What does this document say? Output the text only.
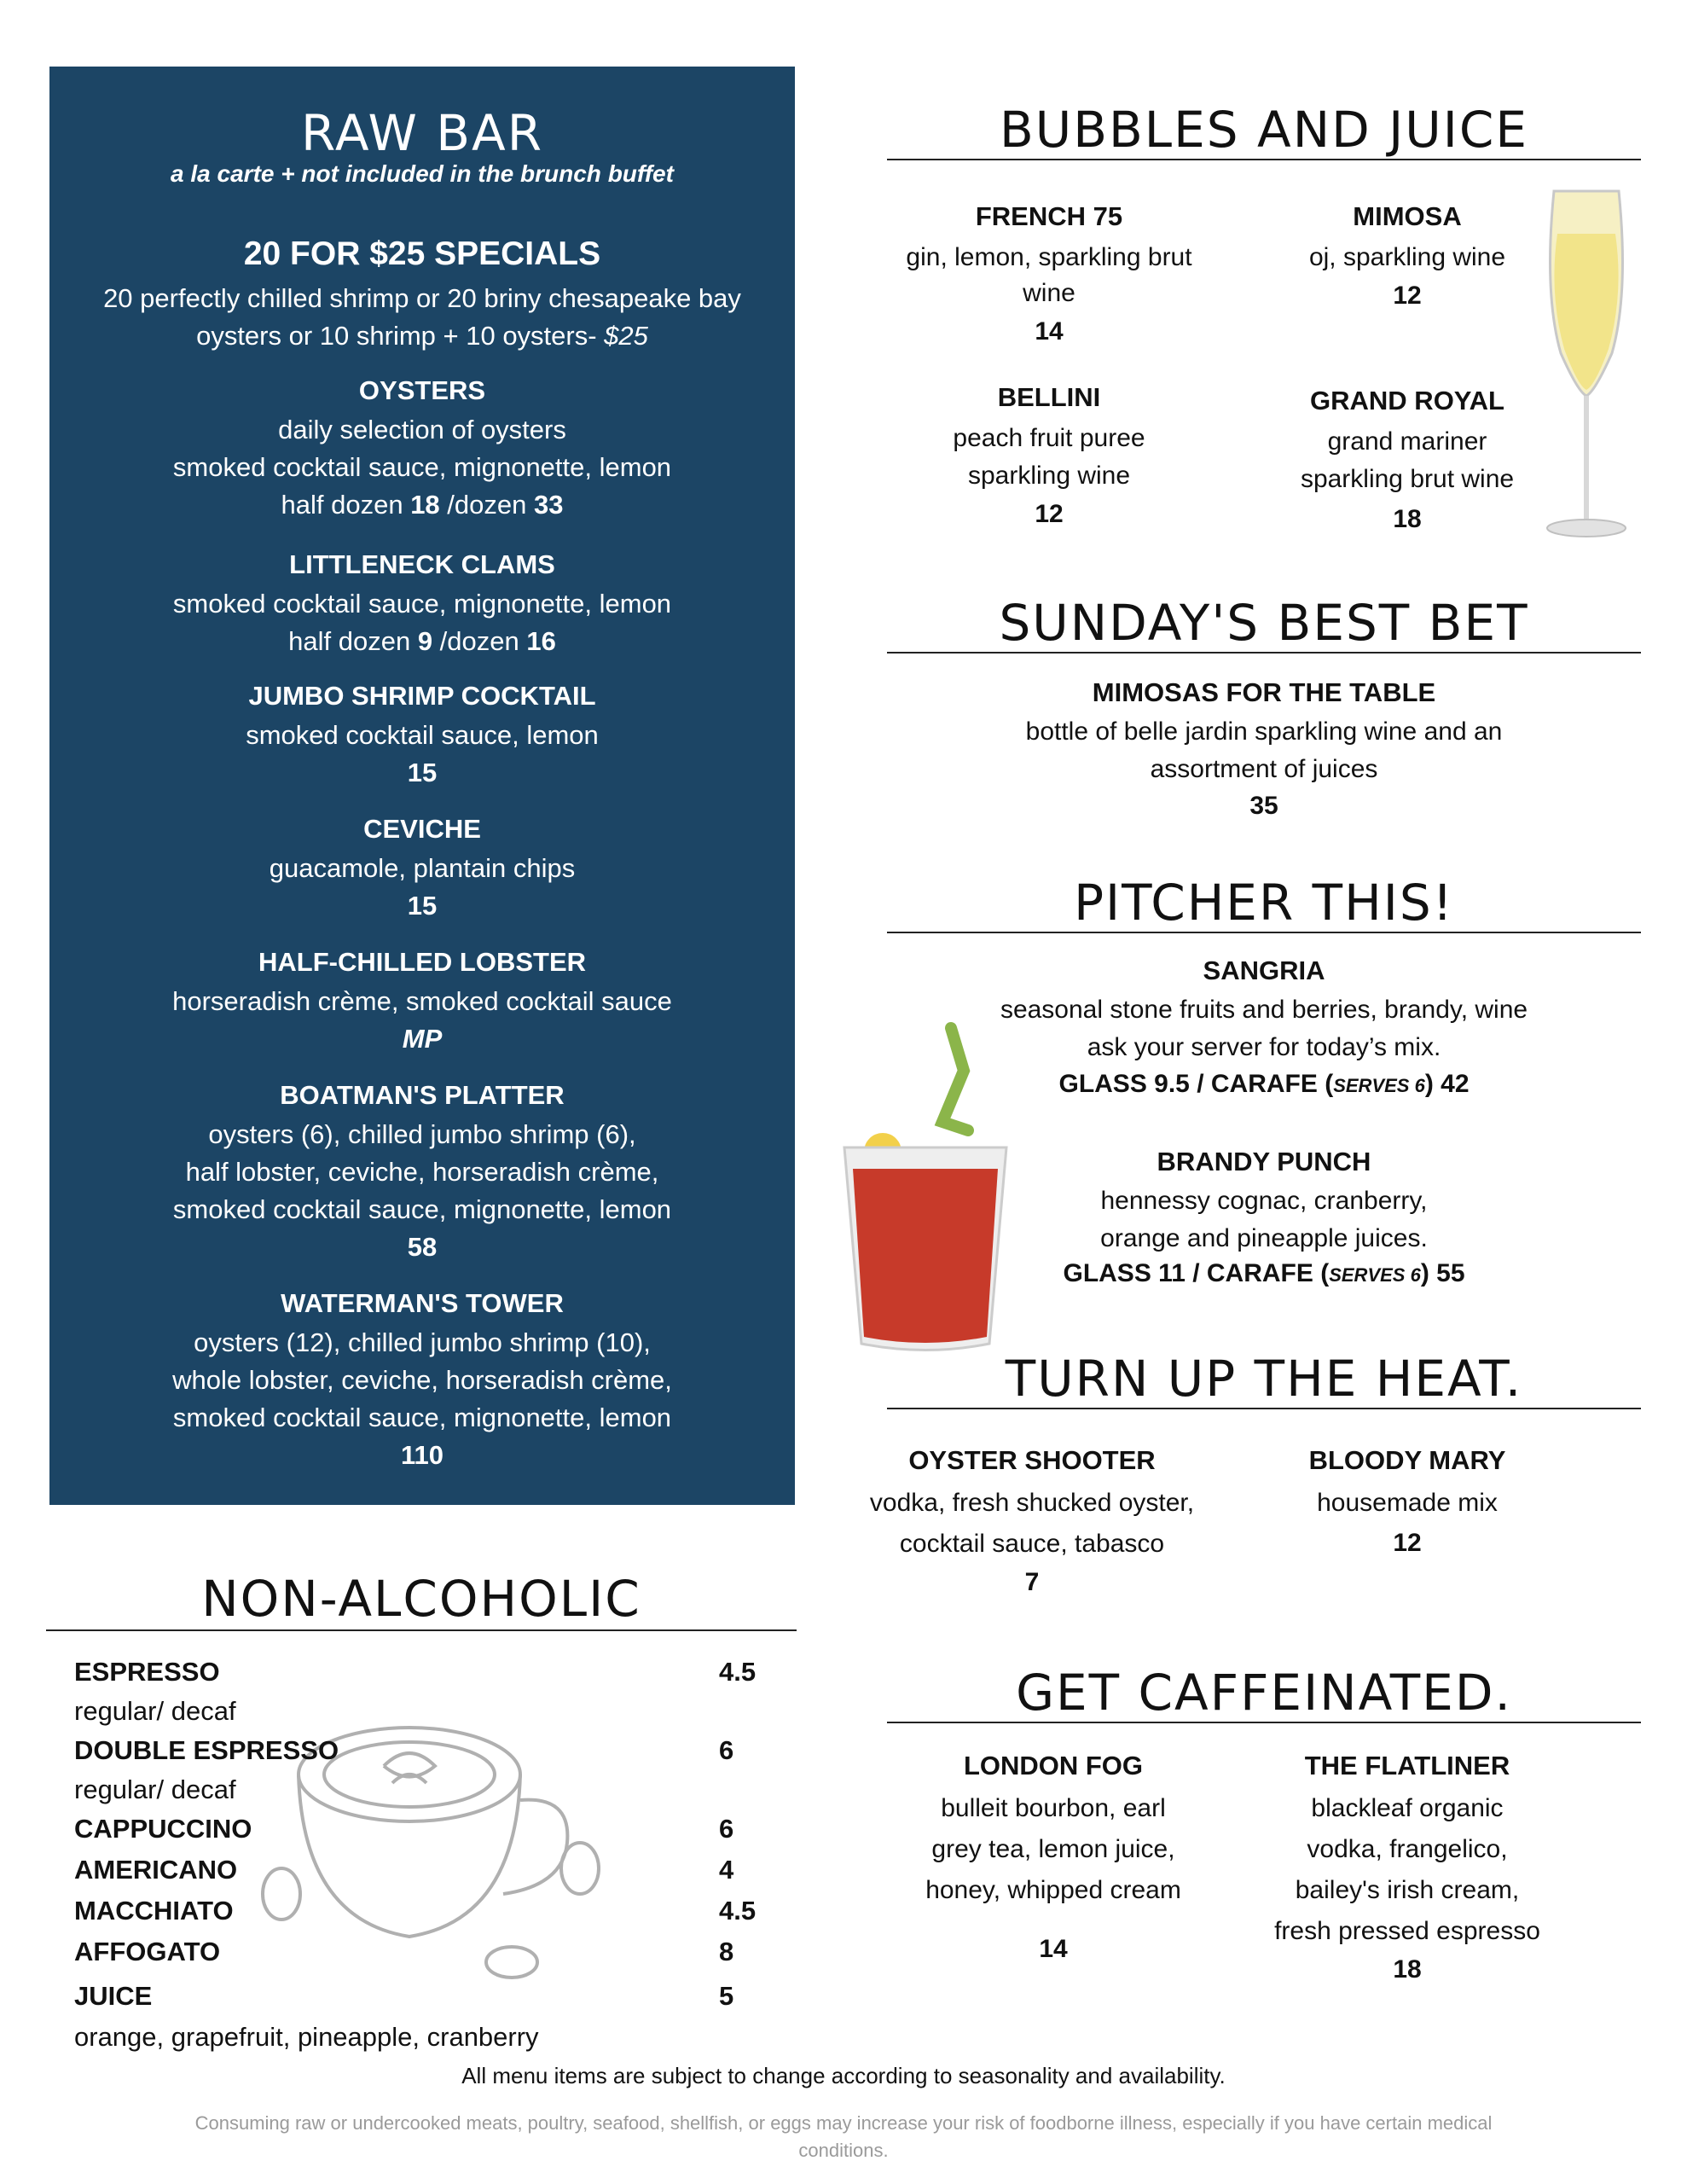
RAW BAR
a la carte + not included in the brunch buffet
20 FOR $25 SPECIALS
20 perfectly chilled shrimp or 20 briny chesapeake bay
oysters or 10 shrimp + 10 oysters- $25
OYSTERS
daily selection of oysters
smoked cocktail sauce, mignonette, lemon
half dozen 18 /dozen 33
LITTLENECK CLAMS
smoked cocktail sauce, mignonette, lemon
half dozen 9 /dozen 16
JUMBO SHRIMP COCKTAIL
smoked cocktail sauce, lemon
15
CEVICHE
guacamole, plantain chips
15
HALF-CHILLED LOBSTER
horseradish crème, smoked cocktail sauce
MP
BOATMAN'S PLATTER
oysters (6), chilled jumbo shrimp (6),
half lobster, ceviche, horseradish crème,
smoked cocktail sauce, mignonette, lemon
58
WATERMAN'S TOWER
oysters (12), chilled jumbo shrimp (10),
whole lobster, ceviche, horseradish crème,
smoked cocktail sauce, mignonette, lemon
110
NON-ALCOHOLIC
ESPRESSO	4.5
regular/ decaf
DOUBLE ESPRESSO	6
regular/ decaf
CAPPUCCINO	6
AMERICANO	4
MACCHIATO	4.5
AFFOGATO	8
JUICE	5
orange, grapefruit, pineapple, cranberry
BUBBLES AND JUICE
FRENCH 75
gin, lemon, sparkling brut
wine
14
MIMOSA
oj, sparkling wine
12
BELLINI
peach fruit puree
sparkling wine
12
GRAND ROYAL
grand mariner
sparkling brut wine
18
SUNDAY'S BEST BET
MIMOSAS FOR THE TABLE
bottle of belle jardin sparkling wine and an
assortment of juices
35
PITCHER THIS!
SANGRIA
seasonal stone fruits and berries, brandy, wine
ask your server for today’s mix.
GLASS 9.5 / CARAFE (SERVES 6) 42
BRANDY PUNCH
hennessy cognac, cranberry,
orange and pineapple juices.
GLASS 11 / CARAFE (SERVES 6) 55
TURN UP THE HEAT.
OYSTER SHOOTER
vodka, fresh shucked oyster,
cocktail sauce, tabasco
7
BLOODY MARY
housemade mix
12
GET CAFFEINATED.
LONDON FOG
bulleit bourbon, earl
grey tea, lemon juice,
honey, whipped cream
14
THE FLATLINER
blackleaf organic
vodka, frangelico,
bailey's irish cream,
fresh pressed espresso
18
All menu items are subject to change according to seasonality and availability.
Consuming raw or undercooked meats, poultry, seafood, shellfish, or eggs may increase your risk of foodborne illness, especially if you have certain medical
conditions.
